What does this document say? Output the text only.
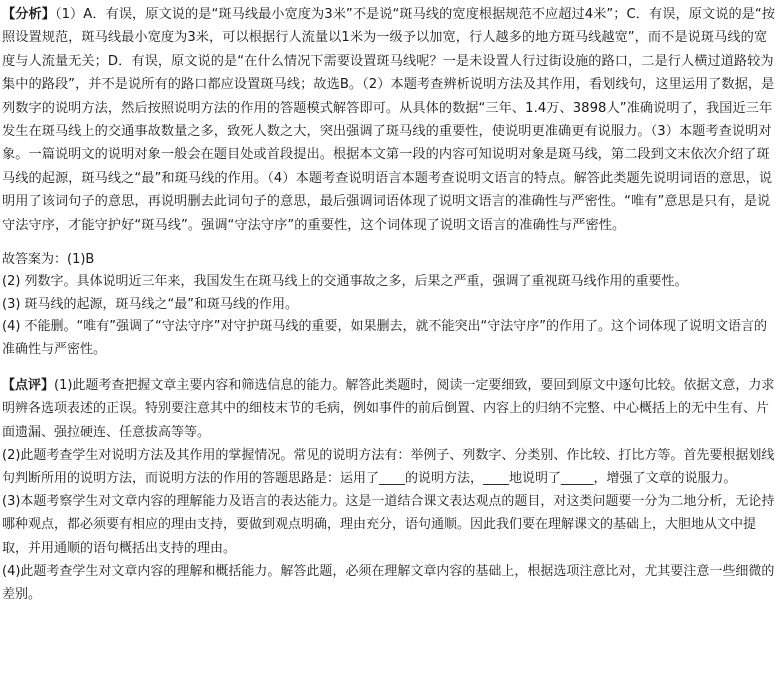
【分析】（1）A．有误，原文说的是“斑马线最小宽度为3米”不是说“斑马线的宽度根据规范不应超过4米”；C．有误，原文说的是“按照设置规范，斑马线最小宽度为3米，可以根据行人流量以1米为一级予以加宽，行人越多的地方斑马线越宽”，而不是说斑马线的宽度与人流量无关；D．有误，原文说的是“在什么情况下需要设置斑马线呢？一是未设置人行过街设施的路口，二是行人横过道路较为集中的路段”，并不是说所有的路口都应设置斑马线；故选B。（2）本题考查辨析说明方法及其作用，看划线句，这里运用了数据，是列数字的说明方法，然后按照说明方法的作用的答题模式解答即可。从具体的数据“三年、1.4万、3898人”准确说明了，我国近三年发生在斑马线上的交通事故数量之多，致死人数之大，突出强调了斑马线的重要性，使说明更准确更有说服力。（3）本题考查说明对象。一篇说明文的说明对象一般会在题目处或首段提出。根据本文第一段的内容可知说明对象是斑马线，第二段到文末依次介绍了斑马线的起源，斑马线之“最”和斑马线的作用。（4）本题考查说明语言本题考查说明文语言的特点。解答此类题先说明词语的意思，说明用了该词句子的意思，再说明删去此词句子的意思，最后强调词语体现了说明文语言的准确性与严密性。“唯有”意思是只有，是说守法守序，才能守护好“斑马线”。强调“守法守序”的重要性，这个词体现了说明文语言的准确性与严密性。

故答案为：(1)B

(2) 列数字。具体说明近三年来，我国发生在斑马线上的交通事故之多，后果之严重，强调了重视斑马线作用的重要性。

(3) 斑马线的起源，斑马线之“最”和斑马线的作用。

(4) 不能删。“唯有”强调了“守法守序”对守护斑马线的重要，如果删去，就不能突出“守法守序”的作用了。这个词体现了说明文语言的准确性与严密性。

【点评】(1)此题考查把握文章主要内容和筛选信息的能力。解答此类题时，阅读一定要细致，要回到原文中逐句比较。依据文意，力求明辨各选项表述的正误。特别要注意其中的细枝末节的毛病，例如事件的前后倒置、内容上的归纳不完整、中心概括上的无中生有、片面遗漏、强拉硬连、任意拔高等等。

(2)此题考查学生对说明方法及其作用的掌握情况。常见的说明方法有：举例子、列数字、分类别、作比较、打比方等。首先要根据划线句判断所用的说明方法，而说明方法的作用的答题思路是：运用了____的说明方法，____地说明了_____，增强了文章的说服力。

(3)本题考察学生对文章内容的理解能力及语言的表达能力。这是一道结合课文表达观点的题目，对这类问题要一分为二地分析，无论持哪种观点，都必须要有相应的理由支持，要做到观点明确，理由充分，语句通顺。因此我们要在理解课文的基础上，大胆地从文中提取，并用通顺的语句概括出支持的理由。

(4)此题考查学生对文章内容的理解和概括能力。解答此题，必须在理解文章内容的基础上，根据选项注意比对，尤其要注意一些细微的差别。
